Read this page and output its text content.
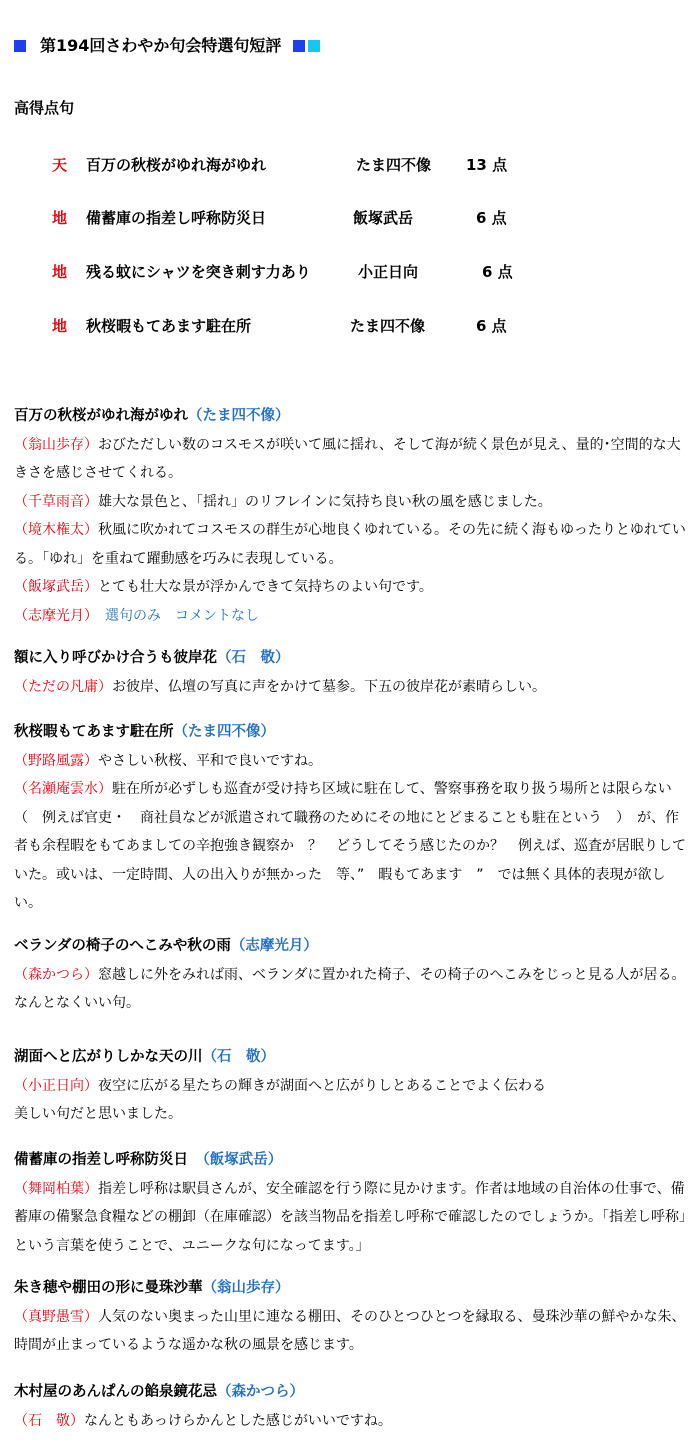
第194回さわやか句会特選句短評
高得点句
天 百万の秋桜がゆれ海がゆれ	たま四不像 13 点
地 備蓄庫の指差し呼称防災日	飯塚武岳	6 点
地 残る蚊にシャツを突き刺す力あり	小正日向	6 点
地 秋桜暇もてあます駐在所	たま四不像	6 点
百万の秋桜がゆれ海がゆれ（たま四不像）

（翁山歩存）おびただしい数のコスモスが咲いて風に揺れ、そして海が続く景色が見え、量的･空間的な大きさを感じさせてくれる。

（千草雨音）雄大な景色と、「揺れ」のリフレインに気持ち良い秋の風を感じました。

（境木権太）秋風に吹かれてコスモスの群生が心地良くゆれている。その先に続く海もゆったりとゆれている。「ゆれ」を重ねて躍動感を巧みに表現している。

（飯塚武岳）とても壮大な景が浮かんできて気持ちのよい句です。

（志摩光月）　選句のみ　コメントなし

額に入り呼びかけ合うも彼岸花（石　敬）

（ただの凡庸）お彼岸、仏壇の写真に声をかけて墓参。下五の彼岸花が素晴らしい。

秋桜暇もてあます駐在所（たま四不像）

（野路風露）やさしい秋桜、平和で良いですね。

（名瀬庵雲水）駐在所が必ずしも巡査が受け持ち区域に駐在して、警察事務を取り扱う場所とは限らない　（　例えば官吏・　商社員などが派遣されて職務のためにその地にとどまることも駐在という　）　が、作者も余程暇をもてあましての辛抱強き観察か　？　どうしてそう感じたのか？　例えば、巡査が居眠りしていた。或いは、一定時間、人の出入りが無かった　等、”　暇もてあます　”　では無く具体的表現が欲しい。

ベランダの椅子のへこみや秋の雨（志摩光月）

（森かつら）窓越しに外をみれば雨、ベランダに置かれた椅子、その椅子のへこみをじっと見る人が居る。なんとなくいい句。

湖面へと広がりしかな天の川（石　敬）

（小正日向）夜空に広がる星たちの輝きが湖面へと広がりしとあることでよく伝わる

美しい句だと思いました。

備蓄庫の指差し呼称防災日　（飯塚武岳）

（舞岡柏葉）指差し呼称は駅員さんが、安全確認を行う際に見かけます。作者は地域の自治体の仕事で、備蓄庫の備緊急食糧などの棚卸（在庫確認）を該当物品を指差し呼称で確認したのでしょうか。「指差し呼称」という言葉を使うことで、ユニークな句になってます。」

朱き穂や棚田の形に曼珠沙華（翁山歩存）

（真野愚雪）人気のない奥まった山里に連なる棚田、そのひとつひとつを縁取る、曼珠沙華の鮮やかな朱、時間が止まっているような遥かな秋の風景を感じます。

木村屋のあんぱんの餡泉鏡花忌（森かつら）

（石　敬）なんともあっけらかんとした感じがいいですね。
